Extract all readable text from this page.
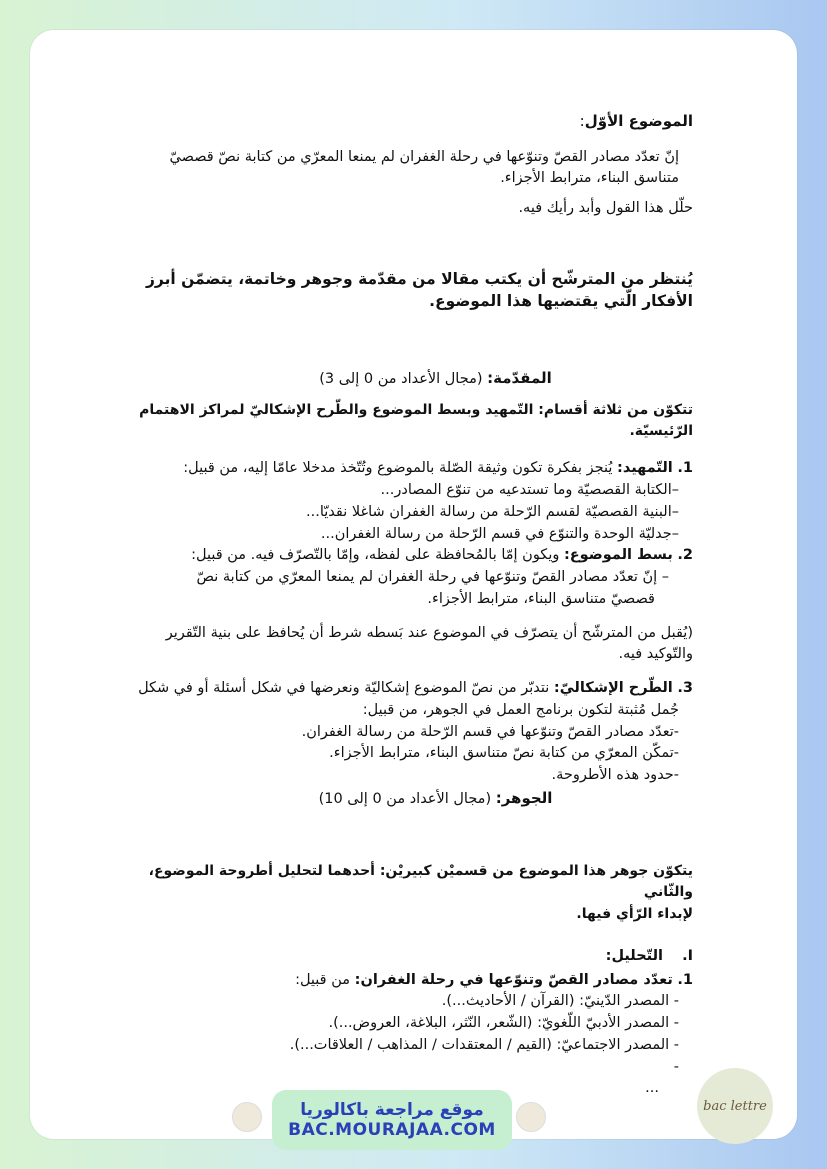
الموضوع الأوّل:
إنّ تعدّد مصادر القصّ وتنوّعها في رحلة الغفران لم يمنعا المعرّي من كتابة نصّ قصصيّ
متناسق البناء، مترابط الأجزاء.
حلّل هذا القول وأبد رأيك فيه.
يُنتظر من المترشّح أن يكتب مقالا من مقدّمة وجوهر وخاتمة، يتضمّن أبرز
الأفكار الّتي يقتضيها هذا الموضوع.
المقدّمة: (مجال الأعداد من 0 إلى 3)
تتكوّن من ثلاثة أقسام: التّمهيد وبسط الموضوع والطّرح الإشكاليّ لمراكز الاهتمام الرّئيسيّة.
1. التّمهيد: يُنجز بفكرة تكون وثيقة الصّلة بالموضوع وتُتّخذ مدخلا عامّا إليه، من قبيل:
–الكتابة القصصيّة وما تستدعيه من تنوّع المصادر...
–البنية القصصيّة لقسم الرّحلة من رسالة الغفران شاغلا نقديّا...
–جدليّة الوحدة والتنوّع في قسم الرّحلة من رسالة الغفران...
2. بسط الموضوع: ويكون إمّا بالمُحافظة على لفظه، وإمّا بالتّصرّف فيه. من قبيل:
– إنّ تعدّد مصادر القصّ وتنوّعها في رحلة الغفران لم يمنعا المعرّي من كتابة نصّ
قصصيّ متناسق البناء، مترابط الأجزاء.
(يُقبل من المترشّح أن يتصرّف في الموضوع عند بَسطه شرط أن يُحافظ على بنية التّقرير
والتّوكيد فيه.
3. الطّرح الإشكاليّ: نتدبّر من نصّ الموضوع إشكاليّة ونعرضها في شكل أسئلة أو في شكل
جُمل مُثبتة لتكون برنامج العمل في الجوهر، من قبيل:
-تعدّد مصادر القصّ وتنوّعها في قسم الرّحلة من رسالة الغفران.
-تمكّن المعرّي من كتابة نصّ متناسق البناء، مترابط الأجزاء.
-حدود هذه الأطروحة.
الجوهر: (مجال الأعداد من 0 إلى 10)
يتكوّن جوهر هذا الموضوع من قسميْن كبيريْن: أحدهما لتحليل أطروحة الموضوع، والثّاني
لإبداء الرّأي فيها.
I. التّحليل:
1. تعدّد مصادر القصّ وتنوّعها في رحلة الغفران: من قبيل:
- المصدر الدّينيّ: (القرآن / الأحاديث...).
- المصدر الأدبيّ اللّغويّ: (الشّعر، النّثر، البلاغة، العروض...).
- المصدر الاجتماعيّ: (القيم / المعتقدات / المذاهب / العلاقات...).
-
...
موقع مراجعة باكالوريا
BAC.MOURAJAA.COM
bac lettre
